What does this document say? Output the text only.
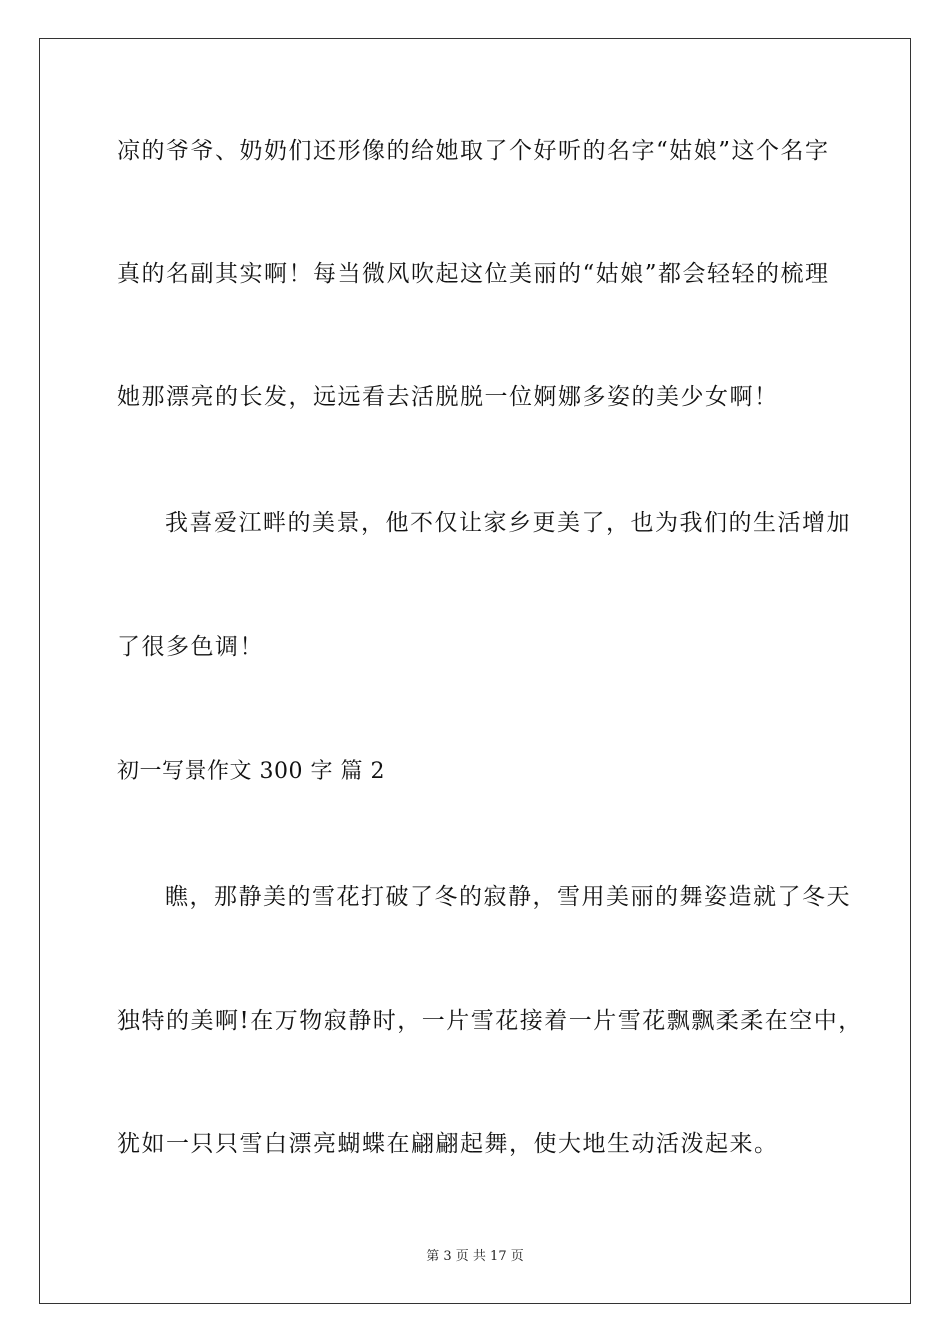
凉的爷爷、奶奶们还形像的给她取了个好听的名字“姑娘”这个名字
真的名副其实啊！每当微风吹起这位美丽的“姑娘”都会轻轻的梳理
她那漂亮的长发，远远看去活脱脱一位婀娜多姿的美少女啊！
我喜爱江畔的美景，他不仅让家乡更美了，也为我们的生活增加
了很多色调！
初一写景作文 300 字 篇 2
瞧，那静美的雪花打破了冬的寂静，雪用美丽的舞姿造就了冬天
独特的美啊!在万物寂静时，一片雪花接着一片雪花飘飘柔柔在空中，
犹如一只只雪白漂亮蝴蝶在翩翩起舞，使大地生动活泼起来。
第 3 页 共 17 页
